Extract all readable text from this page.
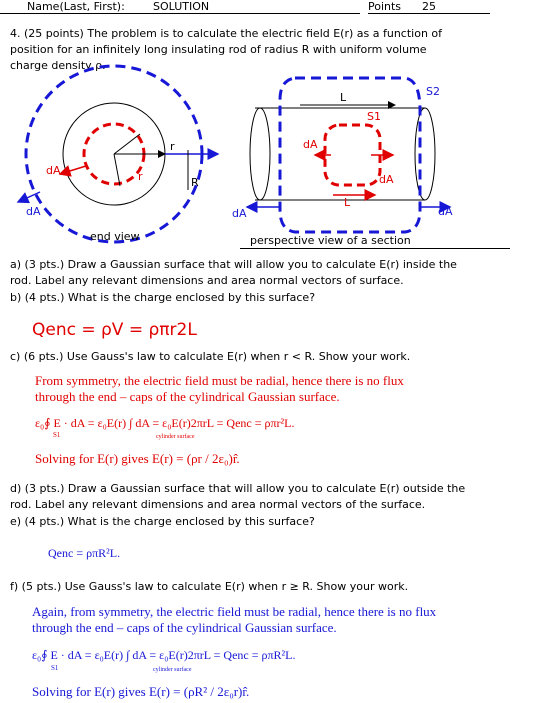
Name(Last, First):	SOLUTION	Points 25
4. (25 points) The problem is to calculate the electric field E(r) as a function of
position for an infinitely long insulating rod of radius R with uniform volume
charge density ρ.
end view
dA
dA
r
R
r
L	S2
S1
dA
dA
L
dA	dA
perspective view of a section
a) (3 pts.) Draw a Gaussian surface that will allow you to calculate E(r) inside the
rod. Label any relevant dimensions and area normal vectors of surface.
b) (4 pts.) What is the charge enclosed by this surface?
Qenc = ρV = ρπr2L
c) (6 pts.) Use Gauss's law to calculate E(r) when r < R. Show your work.
From symmetry, the electric field must be radial, hence there is no flux
through the end – caps of the cylindrical Gaussian surface.
ε₀∮ E · dA = ε₀E(r) ∫ dA = ε₀E(r)2πrL = Qenc = ρπr²L.
S1	cylinder surface
Solving for E(r) gives E(r) = (ρr / 2ε₀)r̂.
d) (3 pts.) Draw a Gaussian surface that will allow you to calculate E(r) outside the
rod. Label any relevant dimensions and area normal vectors of the surface.
e) (4 pts.) What is the charge enclosed by this surface?
Qenc = ρπR²L.
f) (5 pts.) Use Gauss's law to calculate E(r) when r ≥ R. Show your work.
Again, from symmetry, the electric field must be radial, hence there is no flux
through the end – caps of the cylindrical Gaussian surface.
ε₀∮ E · dA = ε₀E(r) ∫ dA = ε₀E(r)2πrL = Qenc = ρπR²L.
S1	cylinder surface
Solving for E(r) gives E(r) = (ρR² / 2ε₀r)r̂.
